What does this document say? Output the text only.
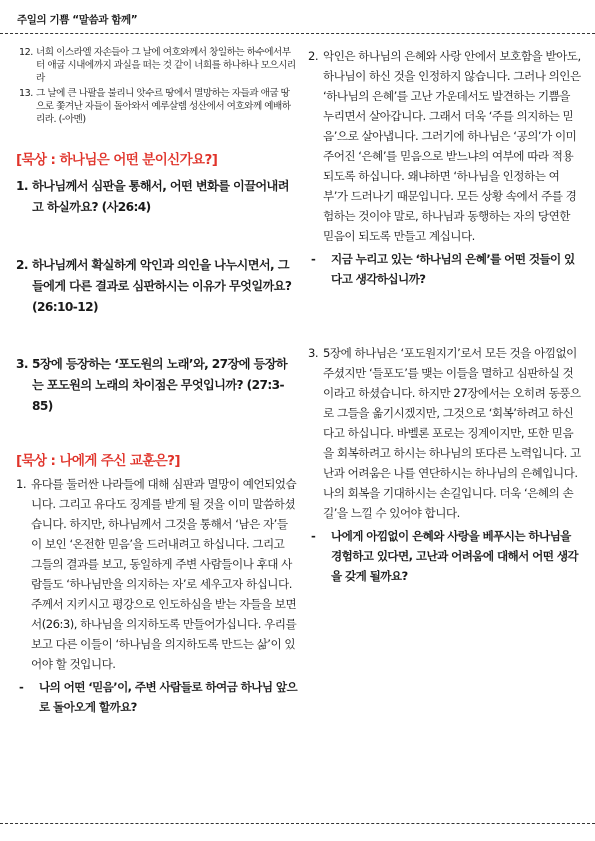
주일의 기쁨 “말씀과 함께”
12. 너희 이스라엘 자손들아 그 날에 여호와께서 창일하는 하수에서부터 애굽 시내에까지 과실을 떠는 것 같이 너희를 하나하나 모으시리라
13. 그 날에 큰 나팔을 불리니 앗수르 땅에서 멸망하는 자들과 애굽 땅으로 쫓겨난 자들이 돌아와서 예루살렘 성산에서 여호와께 예배하리라. (-아멘)
[묵상 : 하나님은 어떤 분이신가요?]
1. 하나님께서 심판을 통해서, 어떤 변화를 이끌어내려고 하실까요? (사26:4)
2. 하나님께서 확실하게 악인과 의인을 나누시면서, 그들에게 다른 결과로 심판하시는 이유가 무엇일까요? (26:10-12)
3. 5장에 등장하는 ‘포도원의 노래’와, 27장에 등장하는 포도원의 노래의 차이점은 무엇입니까? (27:3-85)
[묵상 : 나에게 주신 교훈은?]
1. 유다를 둘러싼 나라들에 대해 심판과 멸망이 예언되었습니다. 그리고 유다도 징계를 받게 될 것을 이미 말씀하셨습니다. 하지만, 하나님께서 그것을 통해서 ‘남은 자’들이 보인 ‘온전한 믿음’을 드러내려고 하십니다. 그리고 그들의 결과를 보고, 동일하게 주변 사람들이나 후대 사람들도 ‘하나님만을 의지하는 자’로 세우고자 하십니다. 주께서 지키시고 평강으로 인도하심을 받는 자들을 보면서(26:3), 하나님을 의지하도록 만들어가십니다. 우리를 보고 다른 이들이 ‘하나님을 의지하도록 만드는 삶’이 있어야 할 것입니다.
-	나의 어떤 ‘믿음’이, 주변 사람들로 하여금 하나님 앞으로 돌아오게 할까요?
2. 악인은 하나님의 은혜와 사랑 안에서 보호함을 받아도, 하나님이 하신 것을 인정하지 않습니다. 그러나 의인은 ‘하나님의 은혜’를 고난 가운데서도 발견하는 기쁨을 누리면서 살아갑니다. 그래서 더욱 ‘주를 의지하는 믿음’으로 살아냅니다. 그러기에 하나님은 ‘공의’가 이미 주어진 ‘은혜’를 믿음으로 받느냐의 여부에 따라 적용되도록 하십니다. 왜냐하면 ‘하나님을 인정하는 여부’가 드러나기 때문입니다. 모든 상황 속에서 주를 경험하는 것이야 말로, 하나님과 동행하는 자의 당연한 믿음이 되도록 만들고 계십니다.
-	지금 누리고 있는 ‘하나님의 은혜’를 어떤 것들이 있다고 생각하십니까?
3. 5장에 하나님은 ‘포도원지기’로서 모든 것을 아낌없이 주셨지만 ‘들포도’를 맺는 이들을 멸하고 심판하실 것이라고 하셨습니다. 하지만 27장에서는 오히려 동풍으로 그들을 옮기시겠지만, 그것으로 ‘회복’하려고 하신다고 하십니다. 바벨론 포로는 징계이지만, 또한 믿음을 회복하려고 하시는 하나님의 또다른 노력입니다. 고난과 어려움은 나를 연단하시는 하나님의 은혜입니다. 나의 회복을 기대하시는 손길입니다. 더욱 ‘은혜의 손길’을 느낄 수 있어야 합니다.
-	나에게 아낌없이 은혜와 사랑을 베푸시는 하나님을 경험하고 있다면, 고난과 어려움에 대해서 어떤 생각을 갖게 될까요?
